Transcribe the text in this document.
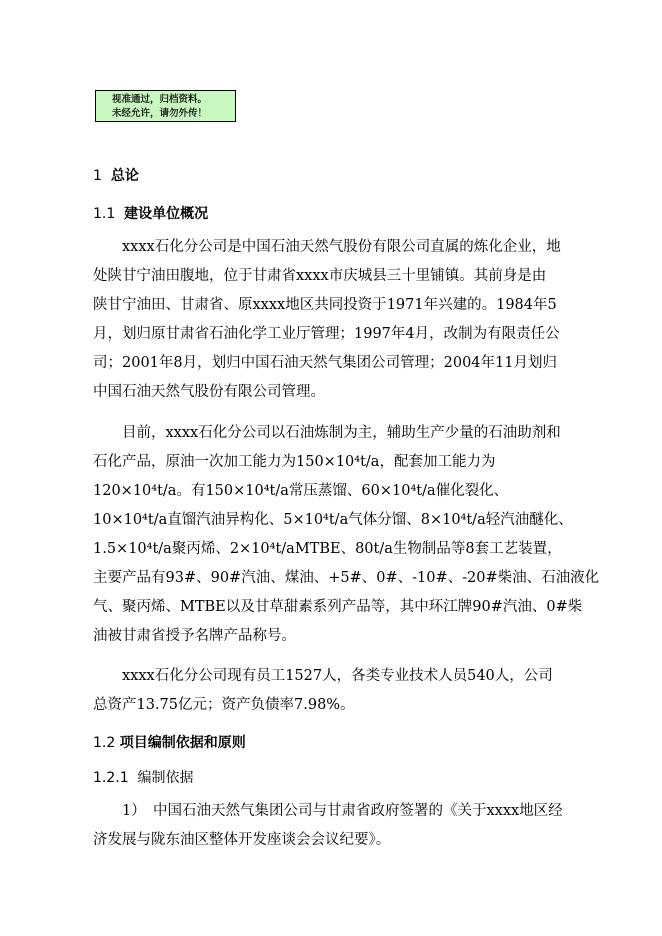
视准通过，归档资料。
未经允许，请勿外传！
1 总论
1.1 建设单位概况
　　xxxx石化分公司是中国石油天然气股份有限公司直属的炼化企业，地
处陕甘宁油田腹地，位于甘肃省xxxx市庆城县三十里铺镇。其前身是由
陕甘宁油田、甘肃省、原xxxx地区共同投资于1971年兴建的。1984年5
月，划归原甘肃省石油化学工业厅管理；1997年4月，改制为有限责任公
司；2001年8月，划归中国石油天然气集团公司管理；2004年11月划归
中国石油天然气股份有限公司管理。
　　目前，xxxx石化分公司以石油炼制为主，辅助生产少量的石油助剂和
石化产品，原油一次加工能力为150×10⁴t/a，配套加工能力为
120×10⁴t/a。有150×10⁴t/a常压蒸馏、60×10⁴t/a催化裂化、
10×10⁴t/a直馏汽油异构化、5×10⁴t/a气体分馏、8×10⁴t/a轻汽油醚化、
1.5×10⁴t/a聚丙烯、2×10⁴t/aMTBE、80t/a生物制品等8套工艺装置，
主要产品有93#、90#汽油、煤油、+5#、0#、-10#、-20#柴油、石油液化
气、聚丙烯、MTBE以及甘草甜素系列产品等，其中环江牌90#汽油、0#柴
油被甘肃省授予名牌产品称号。
　　xxxx石化分公司现有员工1527人，各类专业技术人员540人，公司
总资产13.75亿元；资产负债率7.98%。
1.2 项目编制依据和原则
1.2.1 编制依据
　　1）　中国石油天然气集团公司与甘肃省政府签署的《关于xxxx地区经
济发展与陇东油区整体开发座谈会会议纪要》。
